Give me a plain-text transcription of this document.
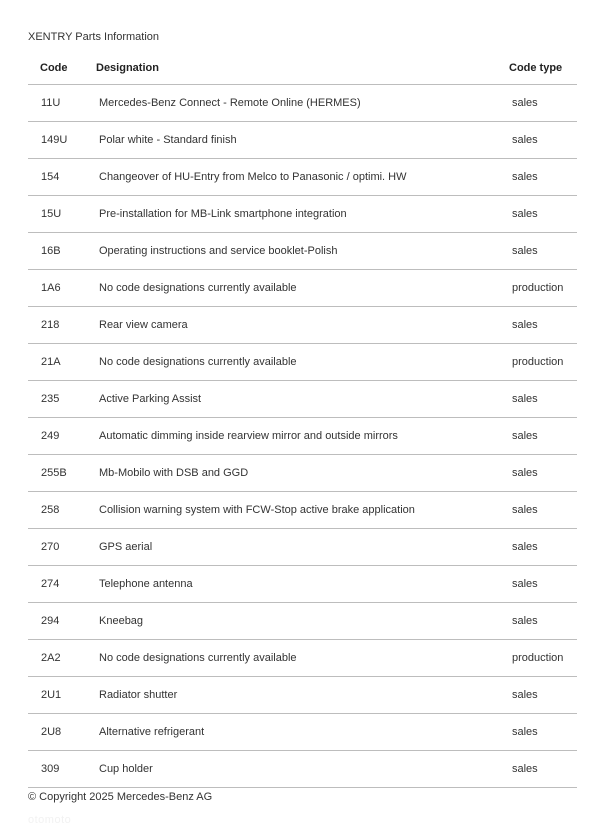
XENTRY Parts Information
Code	Designation	Code type
11U	Mercedes-Benz Connect - Remote Online (HERMES)	sales
149U	Polar white - Standard finish	sales
154	Changeover of HU-Entry from Melco to Panasonic / optimi. HW	sales
15U	Pre-installation for MB-Link smartphone integration	sales
16B	Operating instructions and service booklet-Polish	sales
1A6	No code designations currently available	production
218	Rear view camera	sales
21A	No code designations currently available	production
235	Active Parking Assist	sales
249	Automatic dimming inside rearview mirror and outside mirrors	sales
255B	Mb-Mobilo with DSB and GGD	sales
258	Collision warning system with FCW-Stop active brake application	sales
270	GPS aerial	sales
274	Telephone antenna	sales
294	Kneebag	sales
2A2	No code designations currently available	production
2U1	Radiator shutter	sales
2U8	Alternative refrigerant	sales
309	Cup holder	sales
© Copyright 2025 Mercedes-Benz AG
otomoto
